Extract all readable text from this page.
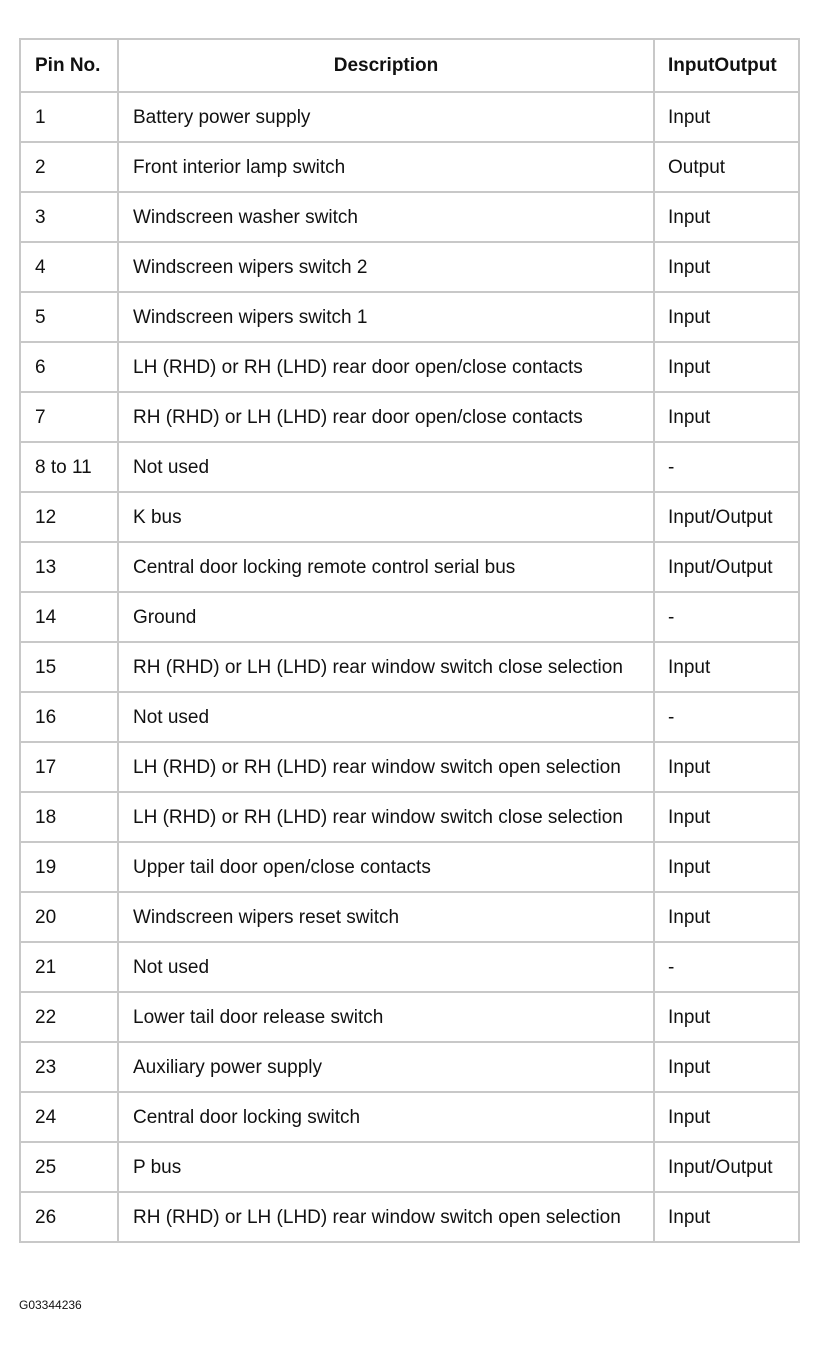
Pin No.	Description	InputOutput
1	Battery power supply	Input
2	Front interior lamp switch	Output
3	Windscreen washer switch	Input
4	Windscreen wipers switch 2	Input
5	Windscreen wipers switch 1	Input
6	LH (RHD) or RH (LHD) rear door open/close contacts	Input
7	RH (RHD) or LH (LHD) rear door open/close contacts	Input
8 to 11	Not used	-
12	K bus	Input/Output
13	Central door locking remote control serial bus	Input/Output
14	Ground	-
15	RH (RHD) or LH (LHD) rear window switch close selection	Input
16	Not used	-
17	LH (RHD) or RH (LHD) rear window switch open selection	Input
18	LH (RHD) or RH (LHD) rear window switch close selection	Input
19	Upper tail door open/close contacts	Input
20	Windscreen wipers reset switch	Input
21	Not used	-
22	Lower tail door release switch	Input
23	Auxiliary power supply	Input
24	Central door locking switch	Input
25	P bus	Input/Output
26	RH (RHD) or LH (LHD) rear window switch open selection	Input
G03344236
